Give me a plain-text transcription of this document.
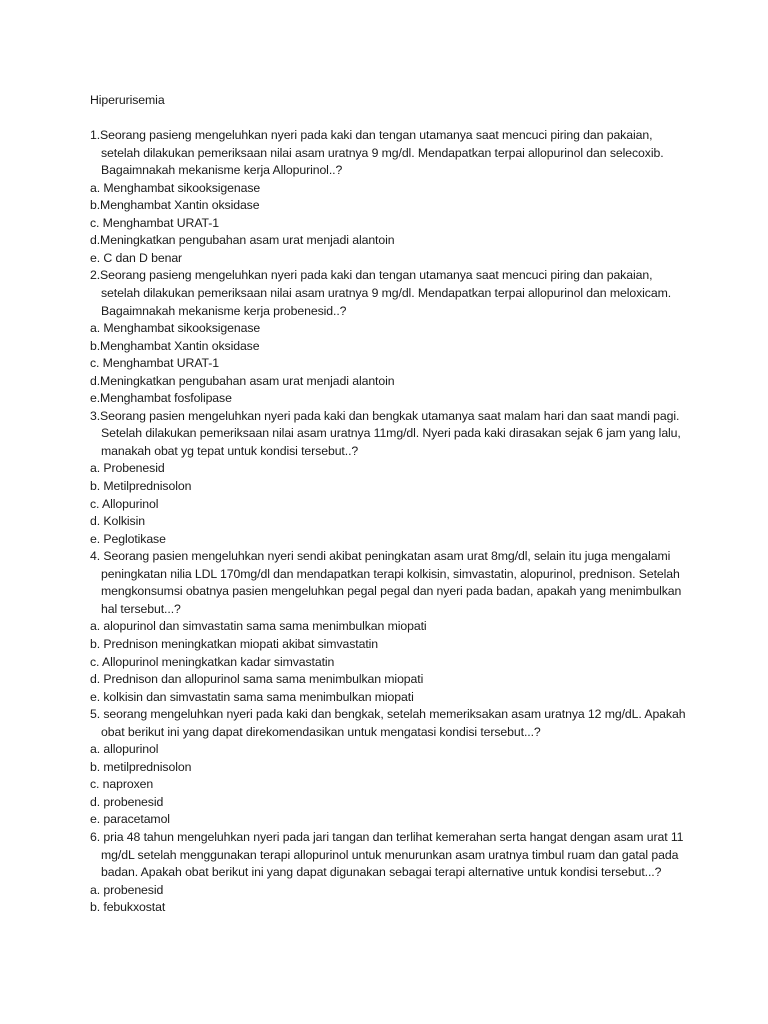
Hiperurisemia

1.Seorang pasieng mengeluhkan nyeri pada kaki dan tengan utamanya saat mencuci piring dan pakaian, setelah dilakukan pemeriksaan nilai asam uratnya 9 mg/dl. Mendapatkan terpai allopurinol dan selecoxib. Bagaimnakah mekanisme kerja Allopurinol..?

a. Menghambat sikooksigenase

b.Menghambat Xantin oksidase

c. Menghambat URAT-1

d.Meningkatkan pengubahan asam urat menjadi alantoin

e. C dan D benar

2.Seorang pasieng mengeluhkan nyeri pada kaki dan tengan utamanya saat mencuci piring dan pakaian, setelah dilakukan pemeriksaan nilai asam uratnya 9 mg/dl. Mendapatkan terpai allopurinol dan meloxicam. Bagaimnakah mekanisme kerja probenesid..?

a. Menghambat sikooksigenase

b.Menghambat Xantin oksidase

c. Menghambat URAT-1

d.Meningkatkan pengubahan asam urat menjadi alantoin

e.Menghambat fosfolipase

3.Seorang pasien mengeluhkan nyeri pada kaki dan bengkak utamanya saat malam hari dan saat mandi pagi. Setelah dilakukan pemeriksaan nilai asam uratnya 11mg/dl. Nyeri pada kaki dirasakan sejak 6 jam yang lalu, manakah obat yg tepat untuk kondisi tersebut..?

a. Probenesid

b. Metilprednisolon

c. Allopurinol

d. Kolkisin

e. Peglotikase

4. Seorang pasien mengeluhkan nyeri sendi akibat peningkatan asam urat 8mg/dl, selain itu juga mengalami peningkatan nilia LDL 170mg/dl dan mendapatkan terapi kolkisin, simvastatin, alopurinol, prednison. Setelah mengkonsumsi obatnya pasien mengeluhkan pegal pegal dan nyeri pada badan, apakah yang menimbulkan hal tersebut...?

a. alopurinol dan simvastatin sama sama menimbulkan miopati

b. Prednison meningkatkan miopati akibat simvastatin

c. Allopurinol meningkatkan kadar simvastatin

d. Prednison dan allopurinol sama sama menimbulkan miopati

e. kolkisin dan simvastatin sama sama menimbulkan miopati

5. seorang mengeluhkan nyeri pada kaki dan bengkak, setelah memeriksakan asam uratnya 12 mg/dL. Apakah obat berikut ini yang dapat direkomendasikan untuk mengatasi kondisi tersebut...?

a. allopurinol

b. metilprednisolon

c. naproxen

d. probenesid

e. paracetamol

6. pria 48 tahun mengeluhkan nyeri pada jari tangan dan terlihat kemerahan serta hangat dengan asam urat 11 mg/dL setelah menggunakan terapi allopurinol untuk menurunkan asam uratnya timbul ruam dan gatal pada badan. Apakah obat berikut ini yang dapat digunakan sebagai terapi alternative untuk kondisi tersebut...?

a. probenesid

b. febukxostat
